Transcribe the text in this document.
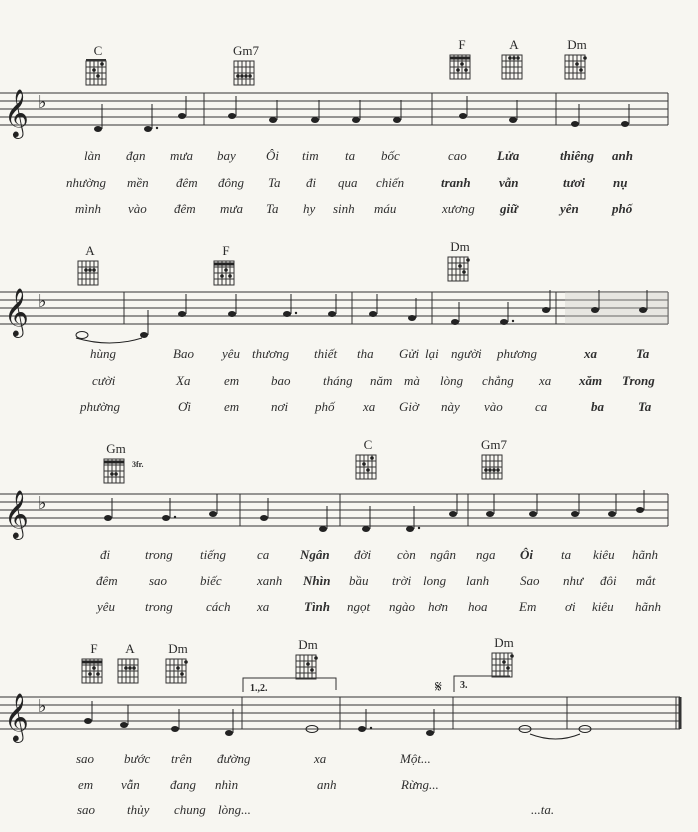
C	Gm7	F	A	Dm
𝄞 ♭
làn đạn mưa bay Ôi tim ta bốc	cao Lửa	thiêng anh
nhường mền đêm đông Ta đi qua chiến	tranh vẫn	tươi nụ
mình vào đêm mưa Ta hy sinh máu	xương giữ	yên	phố
A	F	Dm
𝄞 ♭
hùng	Bao yêu thương thiết tha Gửi lại người phương	xa	Ta
cười	Xa	em bao	tháng năm mà lòng chẳng xa xăm Trong
phường	Ơi	em nơi phố xa Giờ này vào ca	ba	Ta
Gm
3fr.
C	Gm7
𝄞 ♭
đi	trong tiếng ca Ngân đời còn ngân nga Ôi ta kiêu hãnh
đêm sao	biếc	xanh Nhìn bầu trời long lanh Sao như đôi mắt
yêu trong	cách xa	Tình ngọt ngào hơn hoa Em ơi kiêu hãnh
F	A	Dm	Dm	Dm
1.,2.	3.
𝄋
𝄞 ♭
sao bước trên đường	xa	Một...
em vẫn đang nhìn	anh	Rừng...
sao thủy chung lòng...	...ta.
